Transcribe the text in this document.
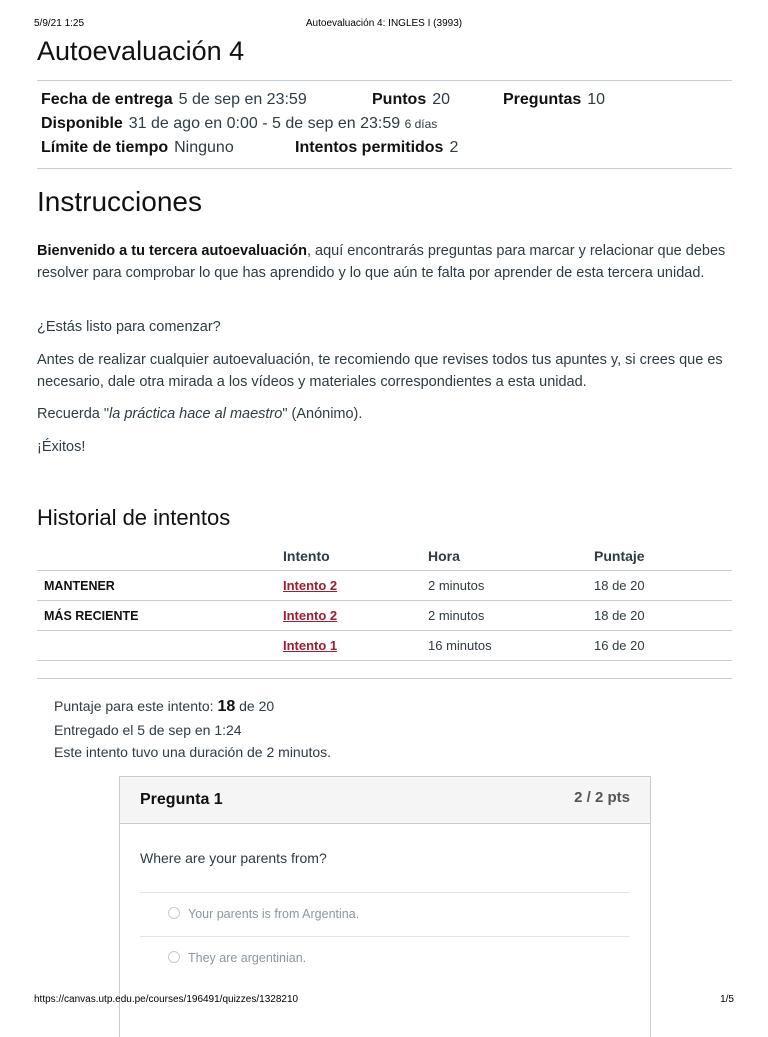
5/9/21 1:25	Autoevaluación 4: INGLES I (3993)
Autoevaluación 4
Fecha de entrega 5 de sep en 23:59	Puntos 20	Preguntas 10
Disponible 31 de ago en 0:00 - 5 de sep en 23:59 6 días
Límite de tiempo Ninguno	Intentos permitidos 2
Instrucciones

Bienvenido a tu tercera autoevaluación, aquí encontrarás preguntas para marcar y relacionar que debes resolver para comprobar lo que has aprendido y lo que aún te falta por aprender de esta tercera unidad.

¿Estás listo para comenzar?

Antes de realizar cualquier autoevaluación, te recomiendo que revises todos tus apuntes y, si crees que es necesario, dale otra mirada a los vídeos y materiales correspondientes a esta unidad.

Recuerda "la práctica hace al maestro" (Anónimo).

¡Éxitos!

Historial de intentos
	Intento	Hora	Puntaje
MANTENER	Intento 2	2 minutos	18 de 20
MÁS RECIENTE	Intento 2	2 minutos	18 de 20
	Intento 1	16 minutos	16 de 20
Puntaje para este intento: 18 de 20
Entregado el 5 de sep en 1:24
Este intento tuvo una duración de 2 minutos.
Pregunta 1	2 / 2 pts
Where are your parents from?
Your parents is from Argentina.
They are argentinian.
https://canvas.utp.edu.pe/courses/196491/quizzes/1328210	1/5
